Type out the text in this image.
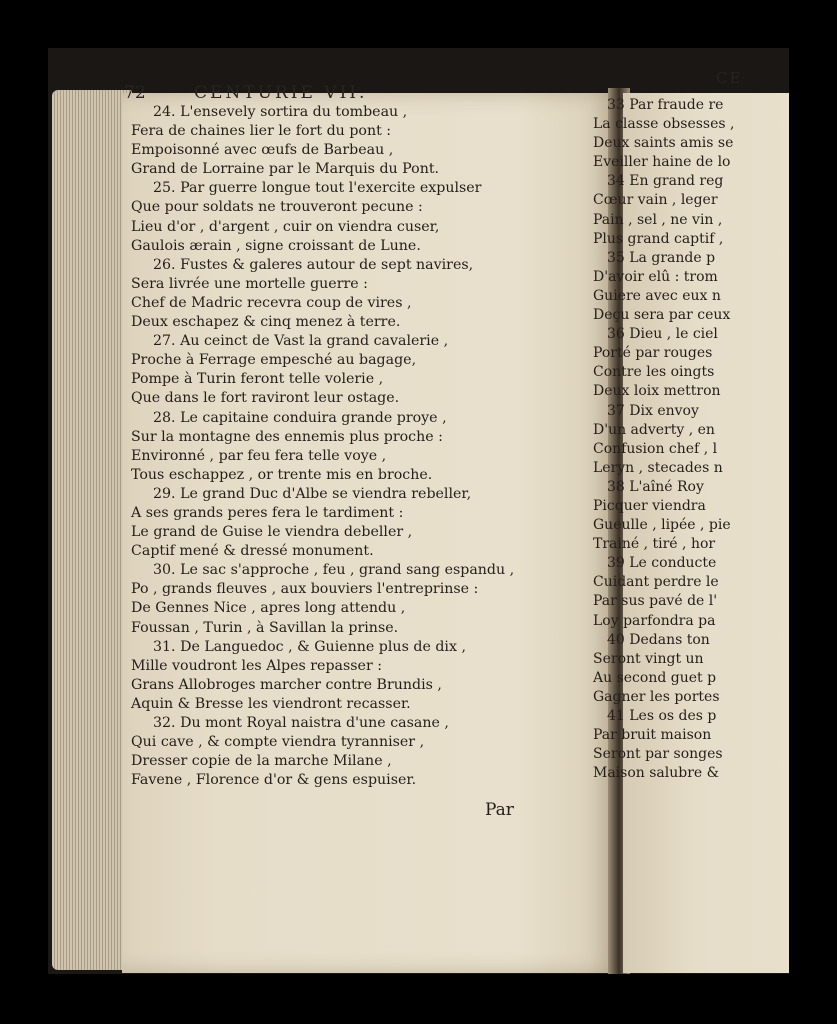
72	CENTURIE VII.
24. L'ensevely sortira du tombeau ,
Fera de chaines lier le fort du pont :
Empoisonné avec œufs de Barbeau ,
Grand de Lorraine par le Marquis du Pont.
25. Par guerre longue tout l'exercite expulser
Que pour soldats ne trouveront pecune :
Lieu d'or , d'argent , cuir on viendra cuser,
Gaulois ærain , signe croissant de Lune.
26. Fustes & galeres autour de sept navires,
Sera livrée une mortelle guerre :
Chef de Madric recevra coup de vires ,
Deux eschapez & cinq menez à terre.
27. Au ceinct de Vast la grand cavalerie ,
Proche à Ferrage empesché au bagage,
Pompe à Turin feront telle volerie ,
Que dans le fort raviront leur ostage.
28. Le capitaine conduira grande proye ,
Sur la montagne des ennemis plus proche :
Environné , par feu fera telle voye ,
Tous eschappez , or trente mis en broche.
29. Le grand Duc d'Albe se viendra rebeller,
A ses grands peres fera le tardiment :
Le grand de Guise le viendra debeller ,
Captif mené & dressé monument.
30. Le sac s'approche , feu , grand sang espandu ,
Po , grands fleuves , aux bouviers l'entreprinse :
De Gennes Nice , apres long attendu ,
Foussan , Turin , à Savillan la prinse.
31. De Languedoc , & Guienne plus de dix ,
Mille voudront les Alpes repasser :
Grans Allobroges marcher contre Brundis ,
Aquin & Bresse les viendront recasser.
32. Du mont Royal naistra d'une casane ,
Qui cave , & compte viendra tyranniser ,
Dresser copie de la marche Milane ,
Favene , Florence d'or & gens espuiser.
Par
CE
33 Par fraude re
La classe obsesses ,
Deux saints amis se
Eveiller haine de lo
34 En grand reg
Cœur vain , leger
Pain , sel , ne vin ,
Plus grand captif ,
35 La grande p
D'avoir elû : trom
Guiere avec eux n
Deçu sera par ceux
36 Dieu , le ciel
Porté par rouges
Contre les oingts
Deux loix mettron
37 Dix envoy
D'un adverty , en
Confusion chef , l
Leryn , stecades n
38 L'aîné Roy
Picquer viendra
Gueulle , lipée , pie
Trainé , tiré , hor
39 Le conducte
Cuidant perdre le
Par sus pavé de l'
Loy parfondra pa
40 Dedans ton
Seront vingt un
Au second guet p
Gagner les portes
41 Les os des p
Par bruit maison
Seront par songes
Maison salubre &
